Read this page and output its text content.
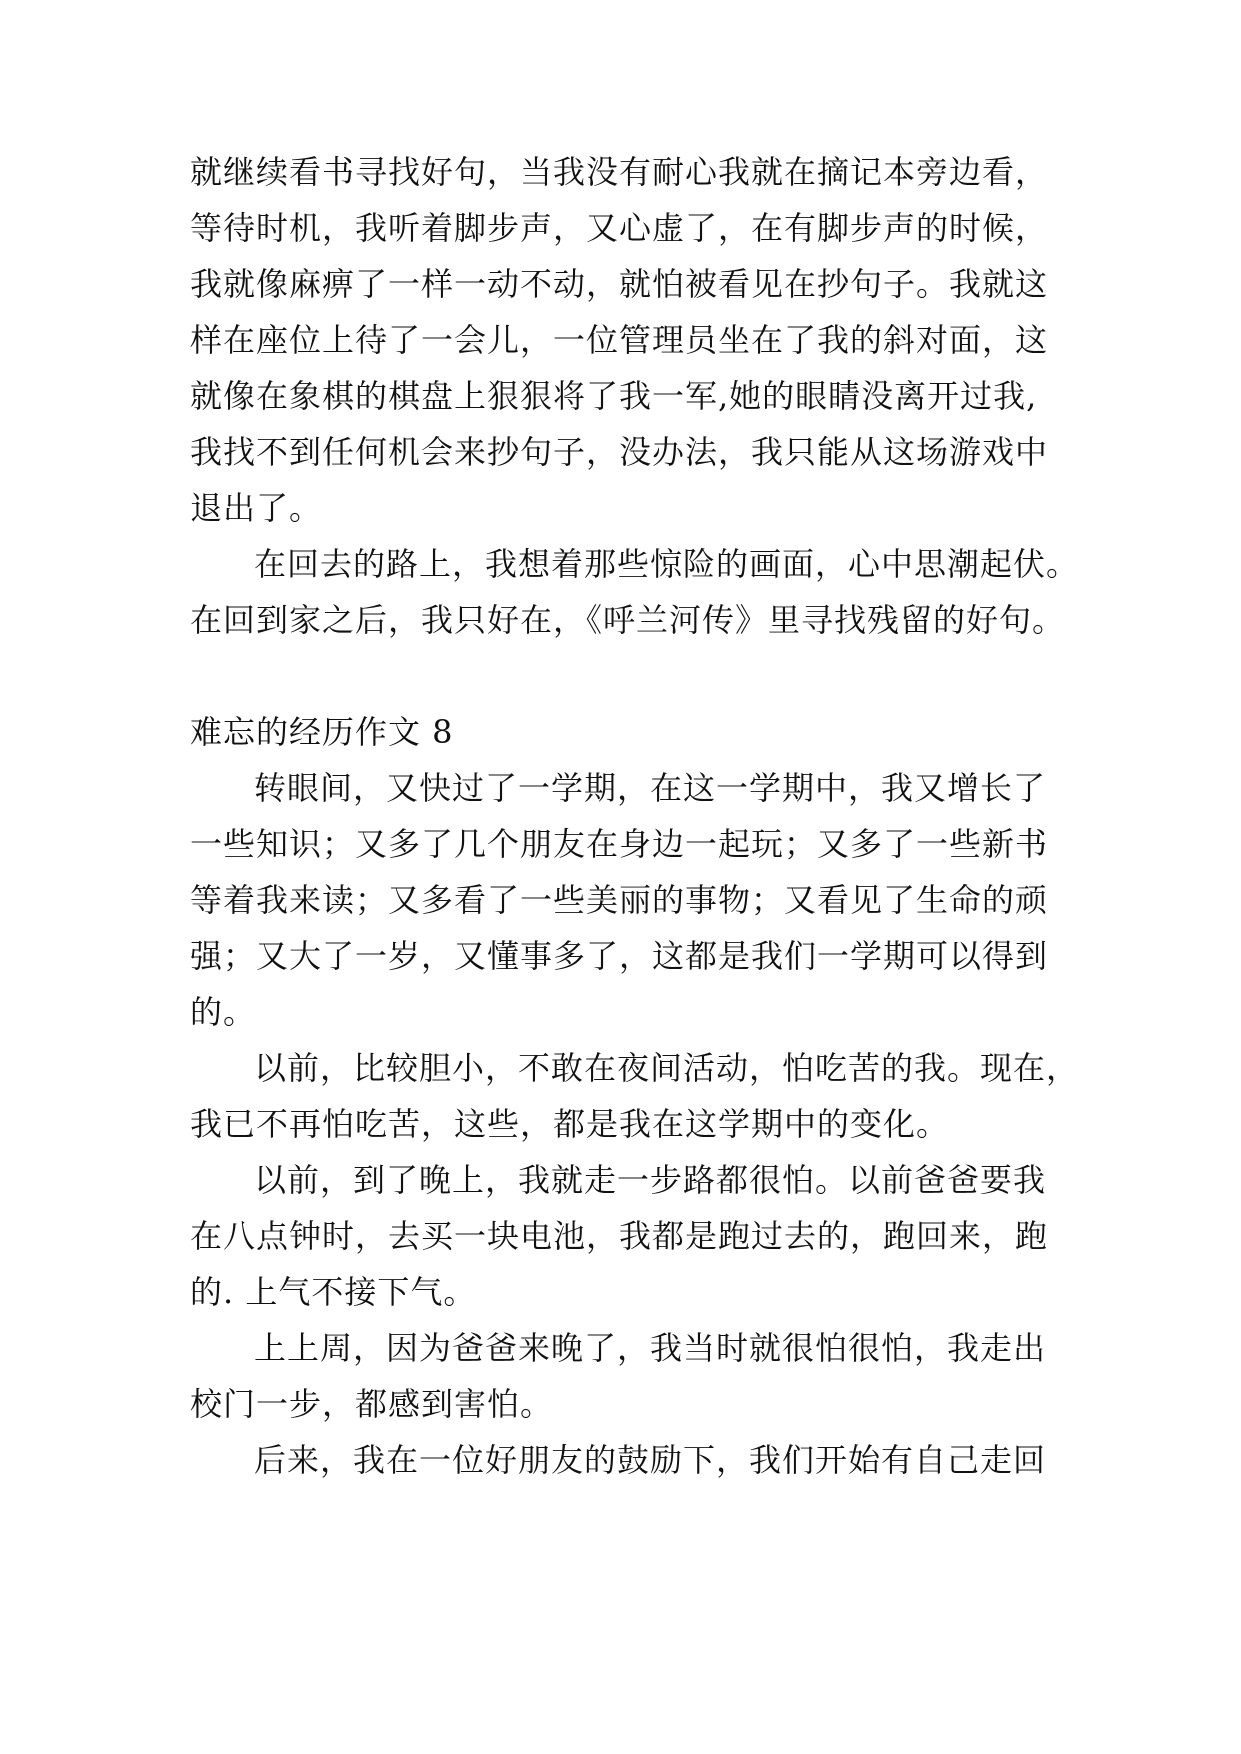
就继续看书寻找好句，当我没有耐心我就在摘记本旁边看，
等待时机，我听着脚步声，又心虚了，在有脚步声的时候，
我就像麻痹了一样一动不动，就怕被看见在抄句子。我就这
样在座位上待了一会儿，一位管理员坐在了我的斜对面，这
就像在象棋的棋盘上狠狠将了我一军,她的眼睛没离开过我,
我找不到任何机会来抄句子，没办法，我只能从这场游戏中
退出了。
在回去的路上，我想着那些惊险的画面，心中思潮起伏。
在回到家之后，我只好在，《呼兰河传》里寻找残留的好句。
难忘的经历作文 8
转眼间，又快过了一学期，在这一学期中，我又增长了
一些知识；又多了几个朋友在身边一起玩；又多了一些新书
等着我来读；又多看了一些美丽的事物；又看见了生命的顽
强；又大了一岁，又懂事多了，这都是我们一学期可以得到
的。
以前，比较胆小，不敢在夜间活动，怕吃苦的我。现在，
我已不再怕吃苦，这些，都是我在这学期中的变化。
以前，到了晚上，我就走一步路都很怕。以前爸爸要我
在八点钟时，去买一块电池，我都是跑过去的，跑回来，跑
的. 上气不接下气。
上上周，因为爸爸来晚了，我当时就很怕很怕，我走出
校门一步，都感到害怕。
后来，我在一位好朋友的鼓励下，我们开始有自己走回
